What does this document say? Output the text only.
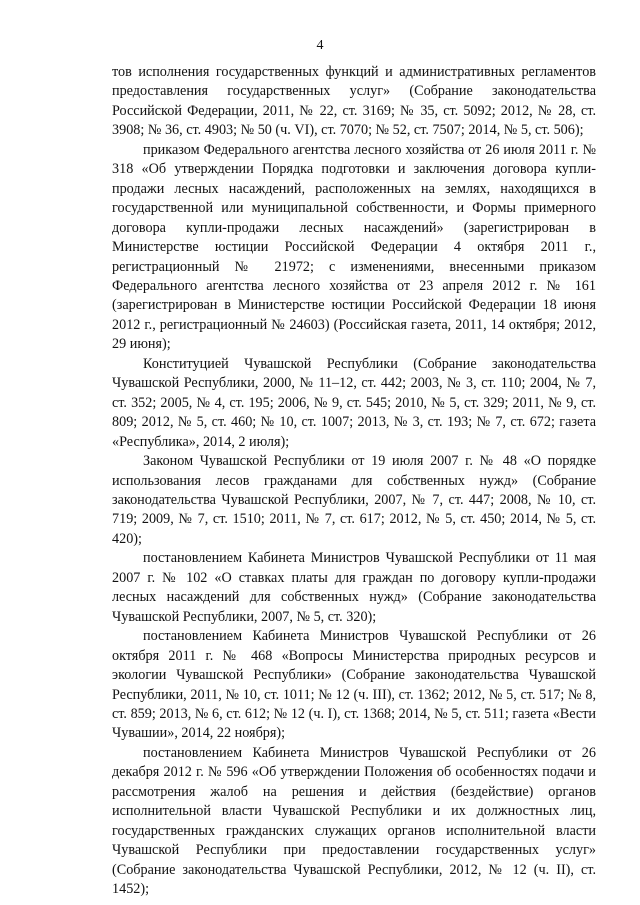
4

тов исполнения государственных функций и административных регламентов предоставления государственных услуг» (Собрание законодательства Российской Федерации, 2011, № 22, ст. 3169; № 35, ст. 5092; 2012, № 28, ст. 3908; № 36, ст. 4903; № 50 (ч. VI), ст. 7070; № 52, ст. 7507; 2014, № 5, ст. 506);

приказом Федерального агентства лесного хозяйства от 26 июля 2011 г. № 318 «Об утверждении Порядка подготовки и заключения договора купли-продажи лесных насаждений, расположенных на землях, находящихся в государственной или муниципальной собственности, и Формы примерного договора купли-продажи лесных насаждений» (зарегистрирован в Министерстве юстиции Российской Федерации 4 октября 2011 г., регистрационный № 21972; с изменениями, внесенными приказом Федерального агентства лесного хозяйства от 23 апреля 2012 г. № 161 (зарегистрирован в Министерстве юстиции Российской Федерации 18 июня 2012 г., регистрационный № 24603) (Российская газета, 2011, 14 октября; 2012, 29 июня);

Конституцией Чувашской Республики (Собрание законодательства Чувашской Республики, 2000, № 11–12, ст. 442; 2003, № 3, ст. 110; 2004, № 7, ст. 352; 2005, № 4, ст. 195; 2006, № 9, ст. 545; 2010, № 5, ст. 329; 2011, № 9, ст. 809; 2012, № 5, ст. 460; № 10, ст. 1007; 2013, № 3, ст. 193; № 7, ст. 672; газета «Республика», 2014, 2 июля);

Законом Чувашской Республики от 19 июля 2007 г. № 48 «О порядке использования лесов гражданами для собственных нужд» (Собрание законодательства Чувашской Республики, 2007, № 7, ст. 447; 2008, № 10, ст. 719; 2009, № 7, ст. 1510; 2011, № 7, ст. 617; 2012, № 5, ст. 450; 2014, № 5, ст. 420);

постановлением Кабинета Министров Чувашской Республики от 11 мая 2007 г. № 102 «О ставках платы для граждан по договору купли-продажи лесных насаждений для собственных нужд» (Собрание законодательства Чувашской Республики, 2007, № 5, ст. 320);

постановлением Кабинета Министров Чувашской Республики от 26 октября 2011 г. № 468 «Вопросы Министерства природных ресурсов и экологии Чувашской Республики» (Собрание законодательства Чувашской Республики, 2011, № 10, ст. 1011; № 12 (ч. III), ст. 1362; 2012, № 5, ст. 517; № 8, ст. 859; 2013, № 6, ст. 612; № 12 (ч. I), ст. 1368; 2014, № 5, ст. 511; газета «Вести Чувашии», 2014, 22 ноября);

постановлением Кабинета Министров Чувашской Республики от 26 декабря 2012 г. № 596 «Об утверждении Положения об особенностях подачи и рассмотрения жалоб на решения и действия (бездействие) органов исполнительной власти Чувашской Республики и их должностных лиц, государственных гражданских служащих органов исполнительной власти Чувашской Республики при предоставлении государственных услуг» (Собрание законодательства Чувашской Республики, 2012, № 12 (ч. II), ст. 1452);
